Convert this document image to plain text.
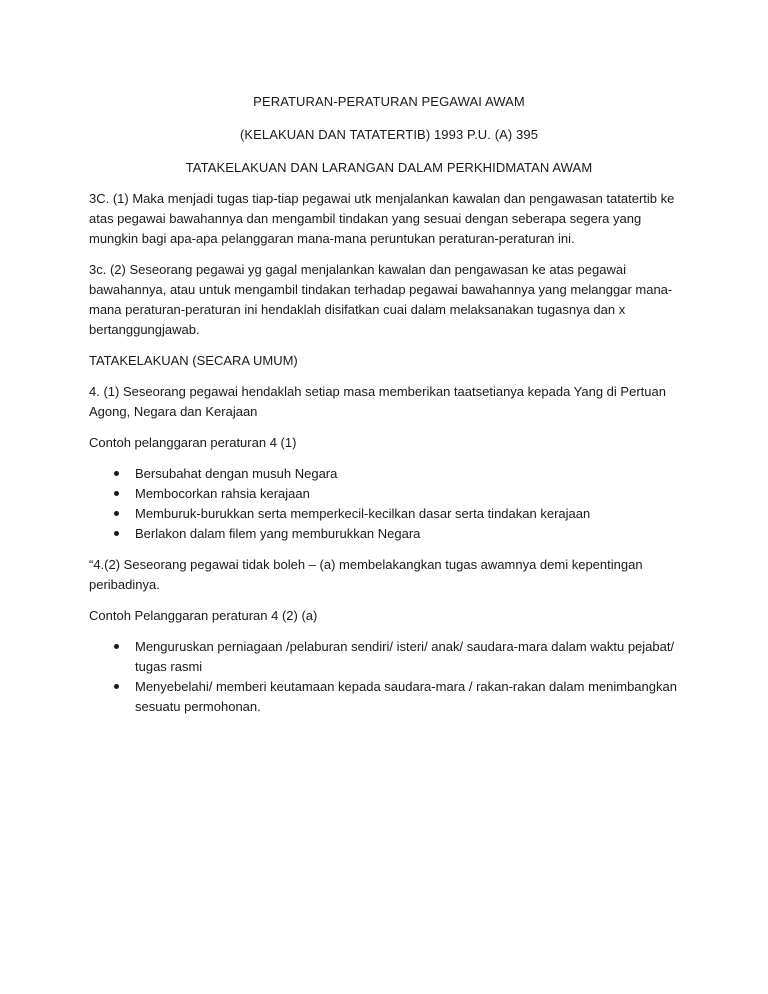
PERATURAN-PERATURAN PEGAWAI AWAM

(KELAKUAN DAN TATATERTIB) 1993 P.U. (A) 395

TATAKELAKUAN DAN LARANGAN DALAM PERKHIDMATAN AWAM

3C. (1) Maka menjadi tugas tiap-tiap pegawai utk menjalankan kawalan dan pengawasan tatatertib ke atas pegawai bawahannya dan mengambil tindakan yang sesuai dengan seberapa segera yang mungkin bagi apa-apa pelanggaran mana-mana peruntukan peraturan-peraturan ini.

3c. (2) Seseorang pegawai yg gagal menjalankan kawalan dan pengawasan ke atas pegawai bawahannya, atau untuk mengambil tindakan terhadap pegawai bawahannya yang melanggar mana-mana peraturan-peraturan ini hendaklah disifatkan cuai dalam melaksanakan tugasnya dan x bertanggungjawab.

TATAKELAKUAN (SECARA UMUM)

4. (1) Seseorang pegawai hendaklah setiap masa memberikan taatsetianya kepada Yang di Pertuan Agong, Negara dan Kerajaan

Contoh pelanggaran peraturan 4 (1)

Bersubahat dengan musuh Negara
Membocorkan rahsia kerajaan
Memburuk-burukkan serta memperkecil-kecilkan dasar serta tindakan kerajaan
Berlakon dalam filem yang memburukkan Negara

“4.(2) Seseorang pegawai tidak boleh – (a) membelakangkan tugas awamnya demi kepentingan peribadinya.

Contoh Pelanggaran peraturan 4 (2) (a)

Menguruskan perniagaan /pelaburan sendiri/ isteri/ anak/ saudara-mara dalam waktu pejabat/ tugas rasmi
Menyebelahi/ memberi keutamaan kepada saudara-mara / rakan-rakan dalam menimbangkan sesuatu permohonan.
